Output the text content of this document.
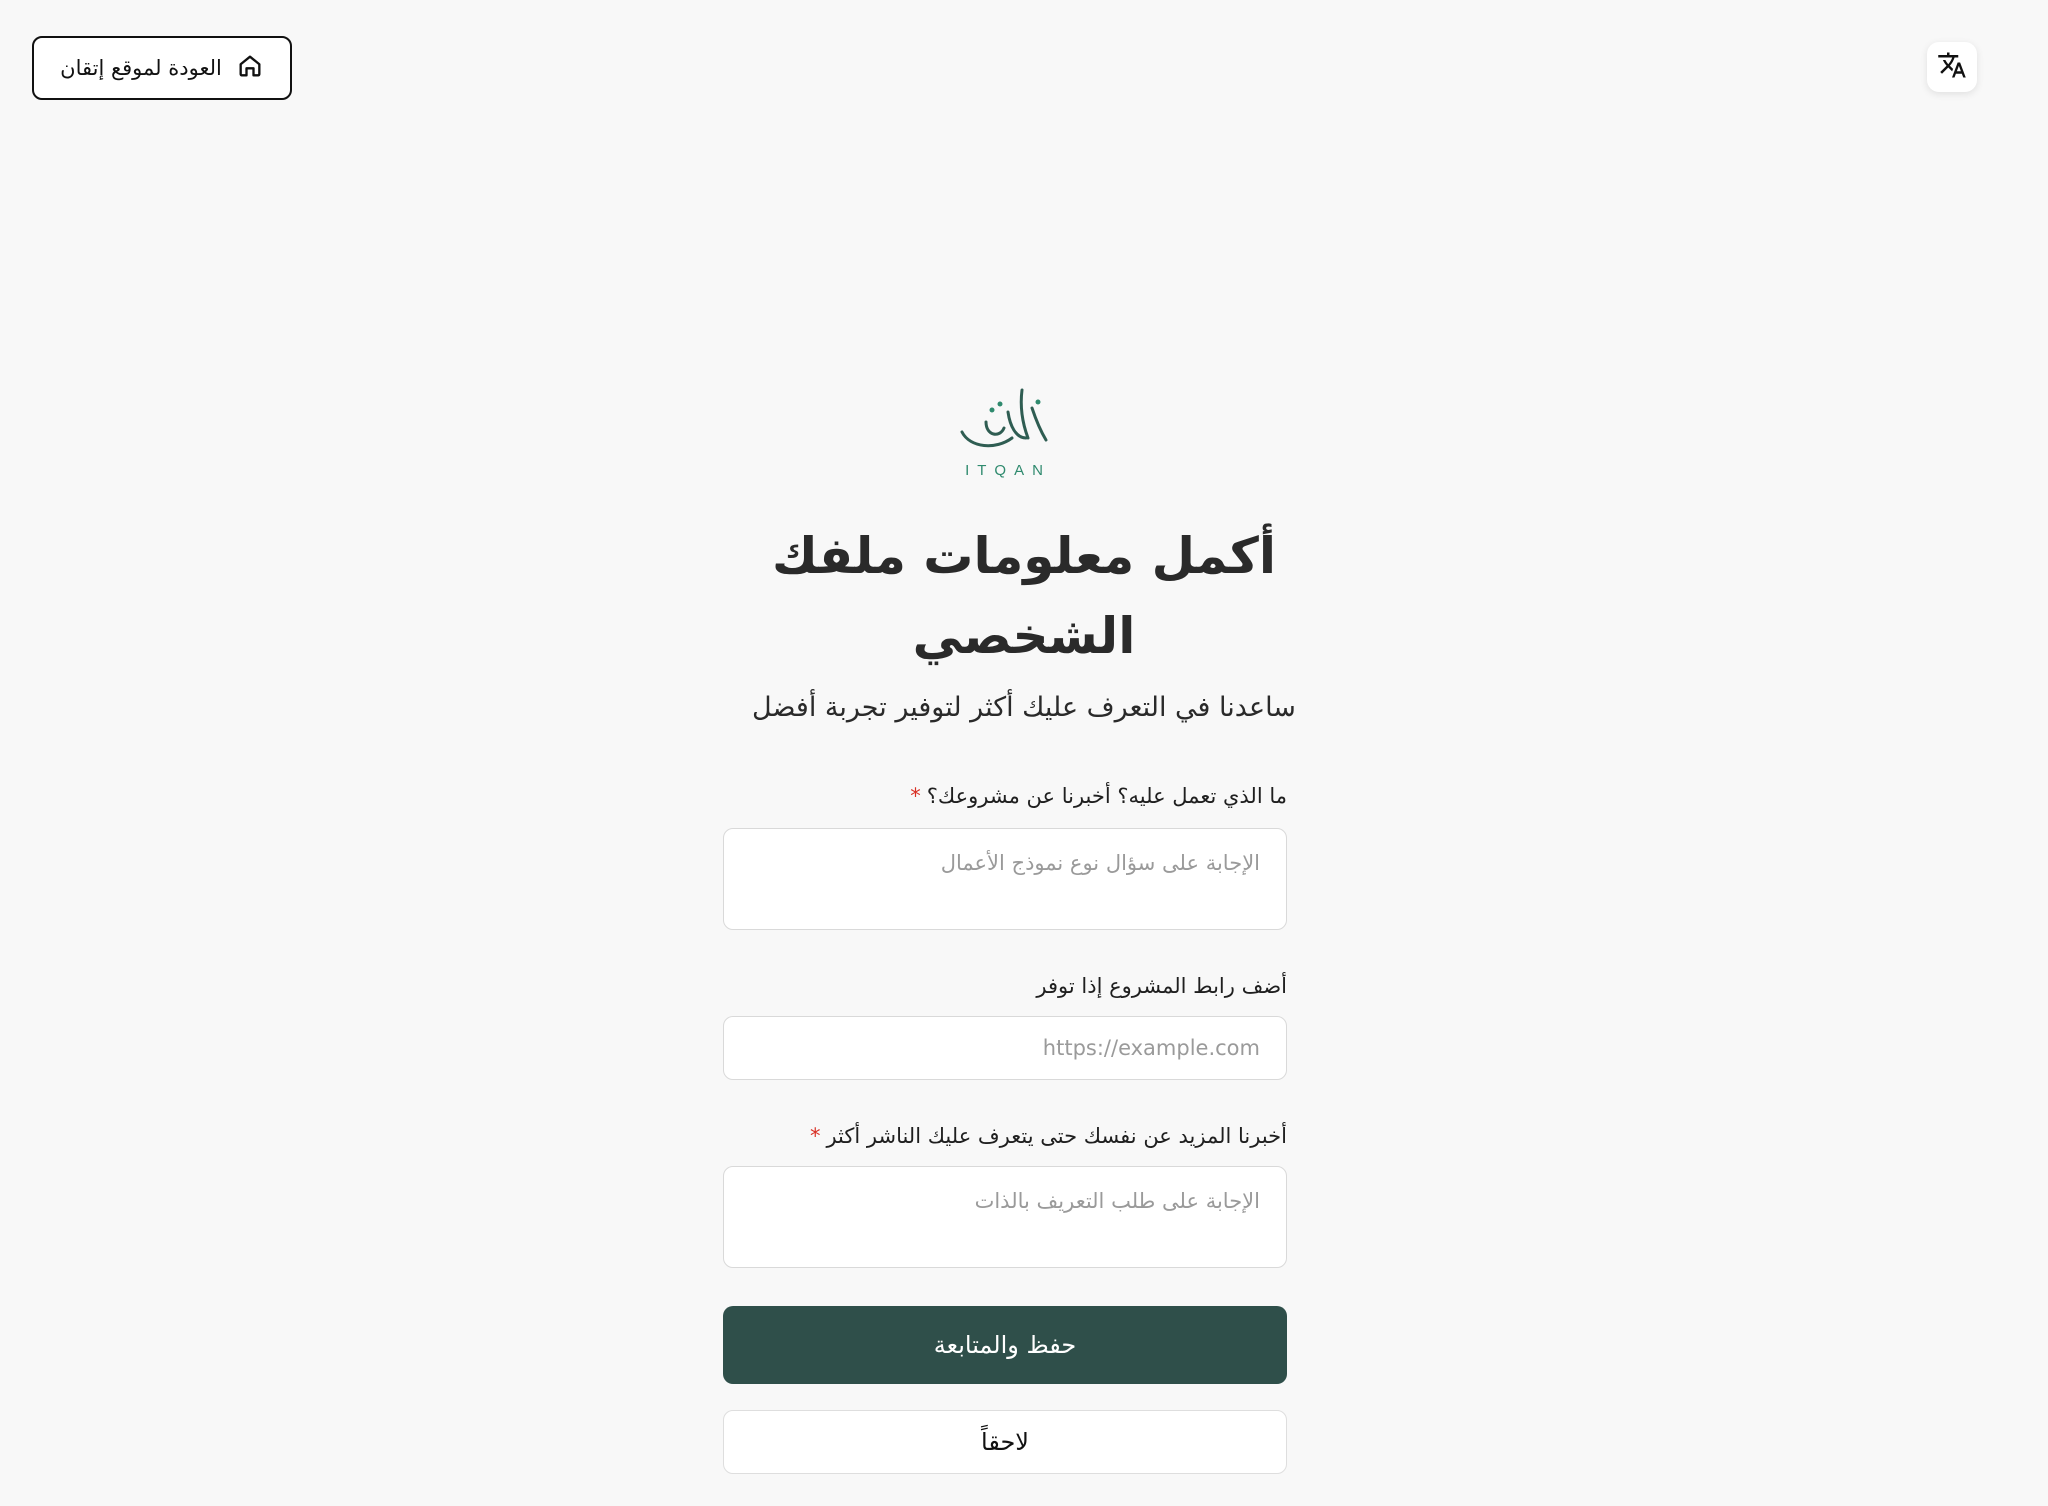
العودة لموقع إتقان
ITQAN
أكمل معلومات ملفك الشخصي

ساعدنا في التعرف عليك أكثر لتوفير تجربة أفضل

ما الذي تعمل عليه؟ أخبرنا عن مشروعك؟*
الإجابة على سؤال نوع نموذج الأعمال
أضف رابط المشروع إذا توفر
https://example.com
أخبرنا المزيد عن نفسك حتى يتعرف عليك الناشر أكثر*
الإجابة على طلب التعريف بالذات
حفظ والمتابعة
لاحقاً
